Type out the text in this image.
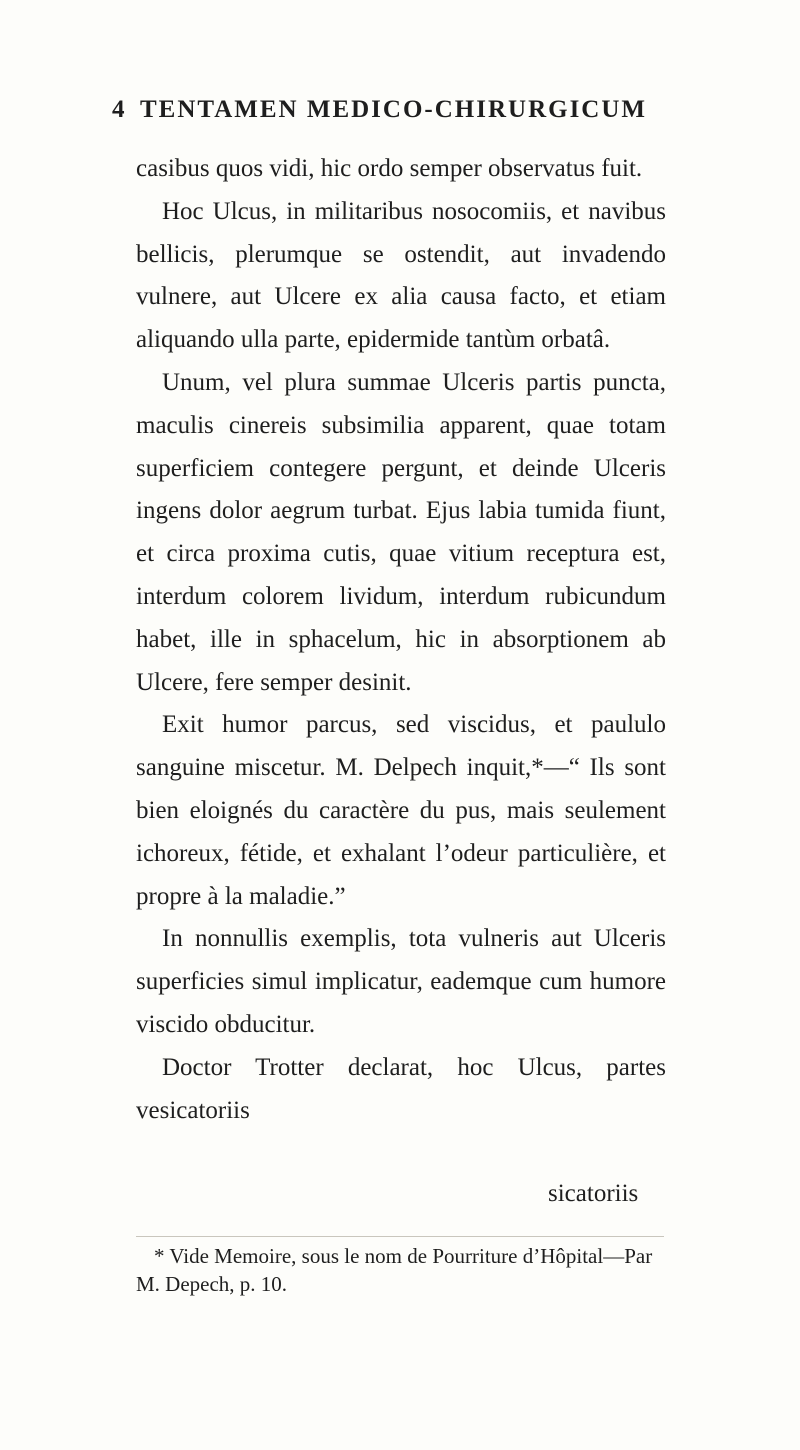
4 TENTAMEN MEDICO-CHIRURGICUM

casibus quos vidi, hic ordo semper observatus fuit.

Hoc Ulcus, in militaribus nosocomiis, et navibus bellicis, plerumque se ostendit, aut invadendo vulnere, aut Ulcere ex alia causa facto, et etiam aliquando ulla parte, epidermide tantùm orbatâ.

Unum, vel plura summae Ulceris partis puncta, maculis cinereis subsimilia apparent, quae totam superficiem contegere pergunt, et deinde Ulceris ingens dolor aegrum turbat. Ejus labia tumida fiunt, et circa proxima cutis, quae vitium receptura est, interdum colorem lividum, interdum rubicundum habet, ille in sphacelum, hic in absorptionem ab Ulcere, fere semper desinit.

Exit humor parcus, sed viscidus, et paululo sanguine miscetur. M. Delpech inquit,*—“ Ils sont bien eloignés du caractère du pus, mais seulement ichoreux, fétide, et exhalant l’odeur particulière, et propre à la maladie.”

In nonnullis exemplis, tota vulneris aut Ulceris superficies simul implicatur, eademque cum humore viscido obducitur.

Doctor Trotter declarat, hoc Ulcus, partes vesicatoriis

sicatoriis
* Vide Memoire, sous le nom de Pourriture d’Hôpital—Par M. Depech, p. 10.
